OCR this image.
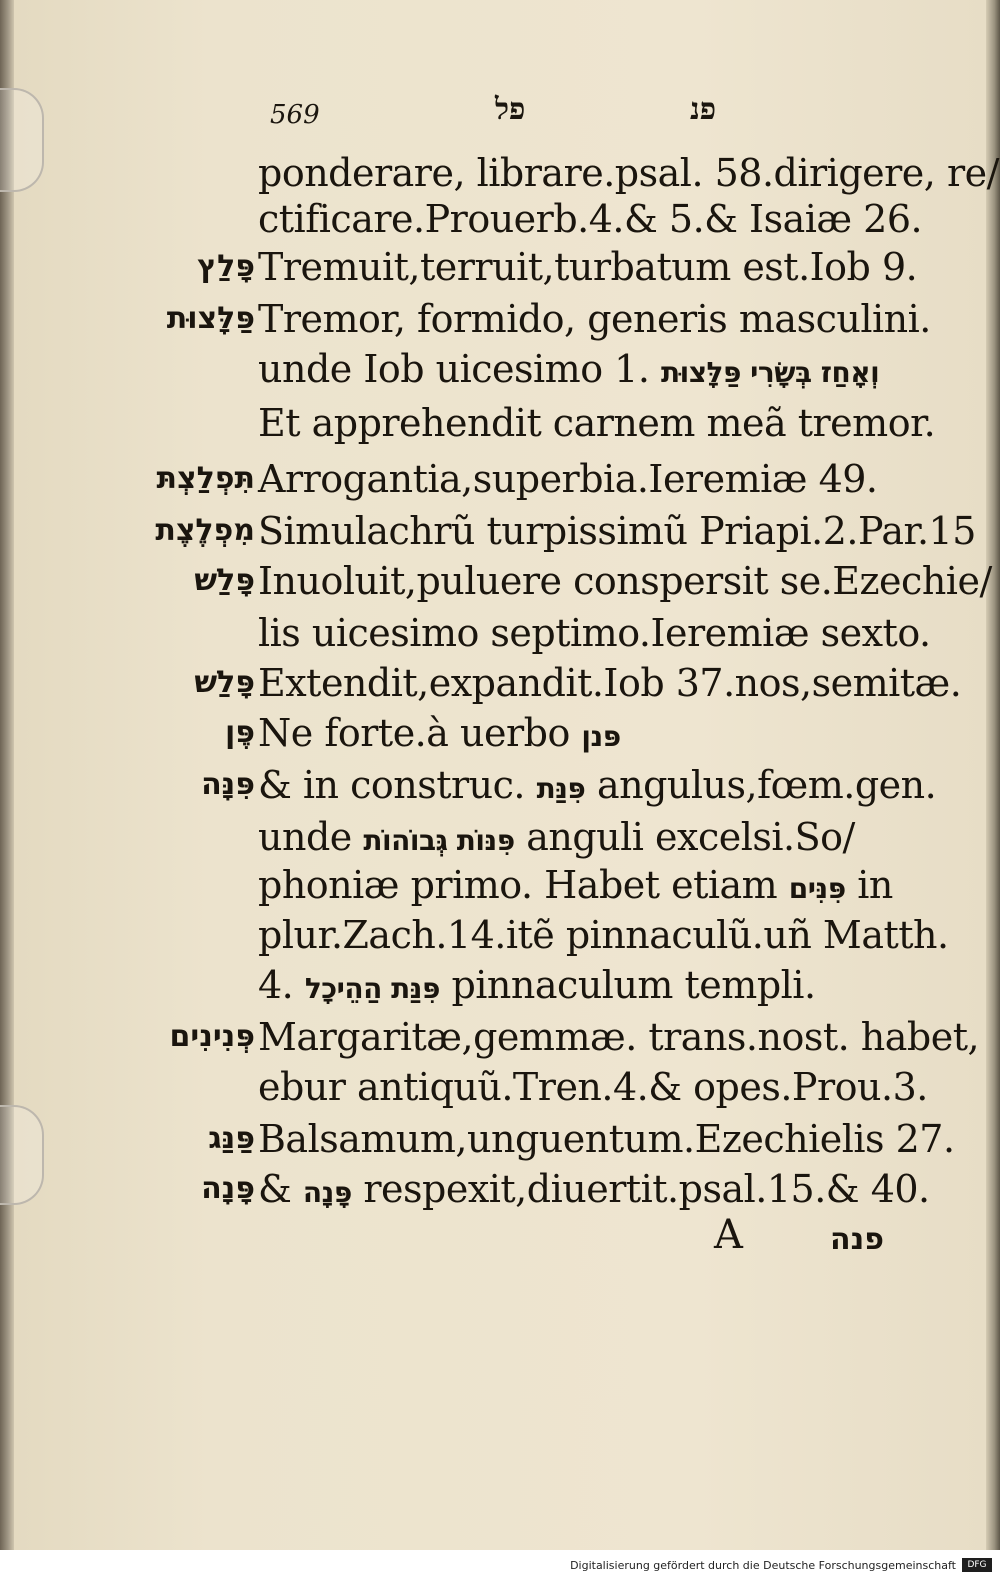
569	פל	פנ
ponderare, librare.psal. 58.dirigere, re/
ctificare.Prouerb.4.& 5.& Isaiæ 26.
פָּלַץ Tremuit,terruit,turbatum est.Iob 9.
פַּלָּצוּת Tremor, formido, generis masculini.
unde Iob uicesimo 1. וְאָחַז בְּשָׂרִי פַּלָּצוּת
Et apprehendit carnem meã tremor.
תִּפְלַצְתּ Arrogantia,superbia.Ieremiæ 49.
מִפְלֶצֶת Simulachrũ turpissimũ Priapi.2.Par.15
פָּלַשׁ Inuoluit,puluere conspersit se.Ezechie/
lis uicesimo septimo.Ieremiæ sexto.
פָּלַשׁ Extendit,expandit.Iob 37.nos,semitæ.
פֶּן Ne forte.à uerbo פּנן
פִּנָּה & in construc. פִּנַּת angulus,fœm.gen.
unde פִּנּוֹת גְּבוֹהוֹת anguli excelsi.So/
phoniæ primo. Habet etiam פִּנִּים in
plur.Zach.14.itẽ pinnaculũ.uñ Matth.
4. פִּנַּת הַהֵיכָל pinnaculum templi.
פְּנִינִים Margaritæ,gemmæ. trans.nost. habet,
ebur antiquũ.Tren.4.& opes.Prou.3.
פַּנַּג Balsamum,unguentum.Ezechielis 27.
פָּנָה & פָּנָה respexit,diuertit.psal.15.& 40.
A	פנה
Digitalisierung gefördert durch die Deutsche Forschungsgemeinschaft	DFG
